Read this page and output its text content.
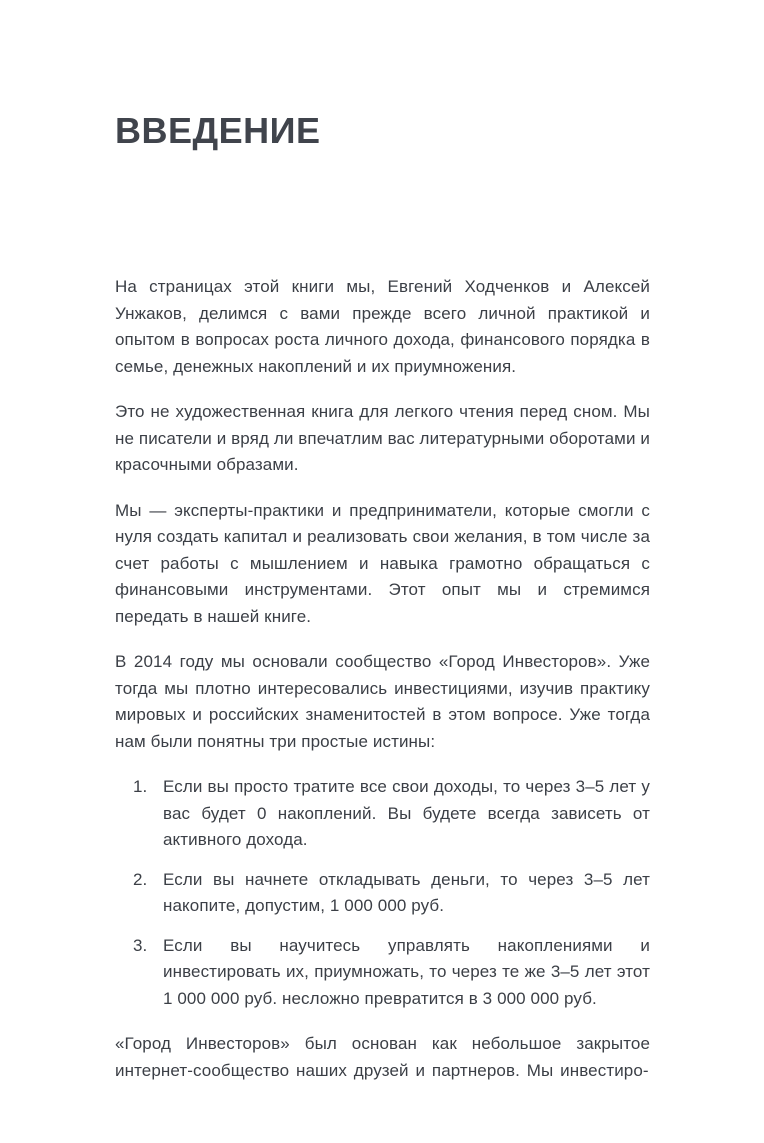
ВВЕДЕНИЕ

На страницах этой книги мы, Евгений Ходченков и Алексей Унжаков, делимся с вами прежде всего личной практикой и опытом в вопросах роста личного дохода, финансового порядка в семье, денежных накоплений и их приумножения.

Это не художественная книга для легкого чтения перед сном. Мы не писатели и вряд ли впечатлим вас литературными оборотами и красочными образами.

Мы — эксперты-практики и предприниматели, которые смогли с нуля создать капитал и реализовать свои желания, в том числе за счет работы с мышлением и навыка грамотно обращаться с финансовыми инструментами. Этот опыт мы и стремимся передать в нашей книге.

В 2014 году мы основали сообщество «Город Инвесторов». Уже тогда мы плотно интересовались инвестициями, изучив практику мировых и российских знаменитостей в этом вопросе. Уже тогда нам были понятны три простые истины:

1. Если вы просто тратите все свои доходы, то через 3–5 лет у вас будет 0 накоплений. Вы будете всегда зависеть от активного дохода.
2. Если вы начнете откладывать деньги, то через 3–5 лет накопите, допустим, 1 000 000 руб.
3. Если вы научитесь управлять накоплениями и инвестировать их, приумножать, то через те же 3–5 лет этот 1 000 000 руб. несложно превратится в 3 000 000 руб.

«Город Инвесторов» был основан как небольшое закрытое интернет-сообщество наших друзей и партнеров. Мы инвестиро-
